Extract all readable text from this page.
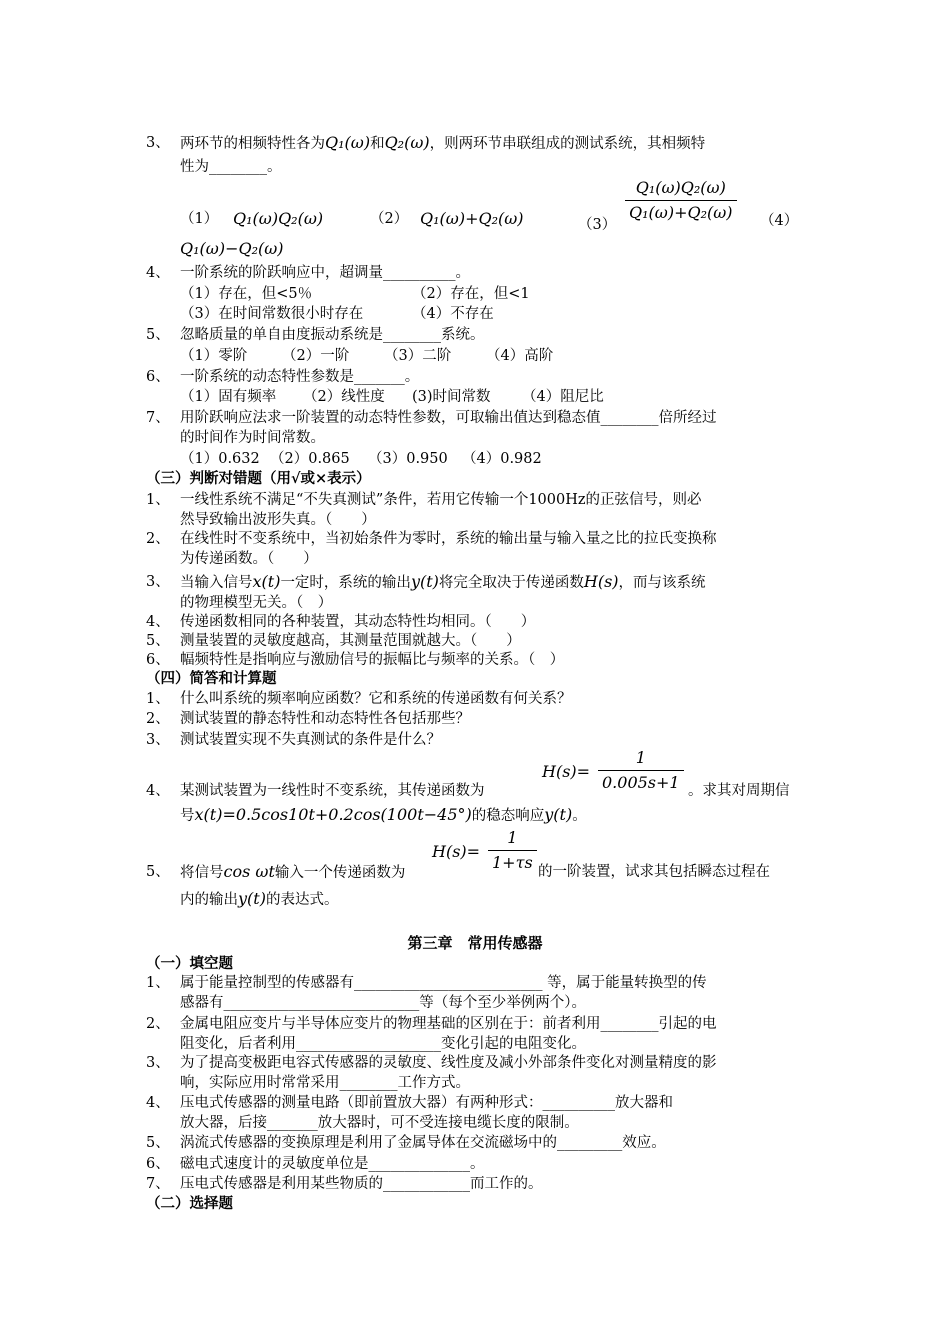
3、 两环节的相频特性各为Q₁(ω)和Q₂(ω)，则两环节串联组成的测试系统，其相频特
性为________。
（1） Q₁(ω)Q₂(ω)	（2） Q₁(ω)+Q₂(ω)	（3）	（4）
$\frac{\text{Q₁(ω)Q₂(ω)}}{\text{Q₁(ω)+Q₂(ω)}}$
Q₁(ω)−Q₂(ω)
4、 一阶系统的阶跃响应中，超调量__________。
（1）存在，但<5％	（2）存在，但<1
（3）在时间常数很小时存在	（4）不存在
5、 忽略质量的单自由度振动系统是________系统。
（1）零阶 （2）一阶 （3）二阶 （4）高阶
6、 一阶系统的动态特性参数是_______。
（1）固有频率 （2）线性度 (3)时间常数 （4）阻尼比
7、 用阶跃响应法求一阶装置的动态特性参数，可取输出值达到稳态值________倍所经过
的时间作为时间常数。
（1）0.632 （2）0.865 （3）0.950 （4）0.982
（三）判断对错题（用√或×表示）
1、 一线性系统不满足“不失真测试”条件，若用它传输一个1000Hz的正弦信号，则必
然导致输出波形失真。（　　）
2、 在线性时不变系统中，当初始条件为零时，系统的输出量与输入量之比的拉氏变换称
为传递函数。（　　）
3、 当输入信号x(t)一定时，系统的输出y(t)将完全取决于传递函数H(s)，而与该系统
的物理模型无关。（　）
4、 传递函数相同的各种装置，其动态特性均相同。（　　）
5、 测量装置的灵敏度越高，其测量范围就越大。（　　）
6、 幅频特性是指响应与激励信号的振幅比与频率的关系。（　）
（四）简答和计算题
1、 什么叫系统的频率响应函数？它和系统的传递函数有何关系？
2、 测试装置的静态特性和动态特性各包括那些？
3、 测试装置实现不失真测试的条件是什么？
4、 某测试装置为一线性时不变系统，其传递函数为	。求其对周期信
$H(s)= \frac{1}{0.005s+1}$
号x(t)=0.5cos10t+0.2cos(100t−45°)的稳态响应y(t)。
5、 将信号cos ωt输入一个传递函数为	的一阶装置，试求其包括瞬态过程在
$H(s)= \frac{1}{1+\tau s}$
内的输出y(t)的表达式。
第三章　常用传感器
（一）填空题
1、 属于能量控制型的传感器有__________________________ 等，属于能量转换型的传
感器有___________________________等（每个至少举例两个）。
2、 金属电阻应变片与半导体应变片的物理基础的区别在于：前者利用________引起的电
阻变化，后者利用____________________变化引起的电阻变化。
3、 为了提高变极距电容式传感器的灵敏度、线性度及减小外部条件变化对测量精度的影
响，实际应用时常常采用________工作方式。
4、 压电式传感器的测量电路（即前置放大器）有两种形式：__________放大器和
放大器，后接_______放大器时，可不受连接电缆长度的限制。
5、 涡流式传感器的变换原理是利用了金属导体在交流磁场中的_________效应。
6、 磁电式速度计的灵敏度单位是______________。
7、 压电式传感器是利用某些物质的____________而工作的。
（二）选择题
